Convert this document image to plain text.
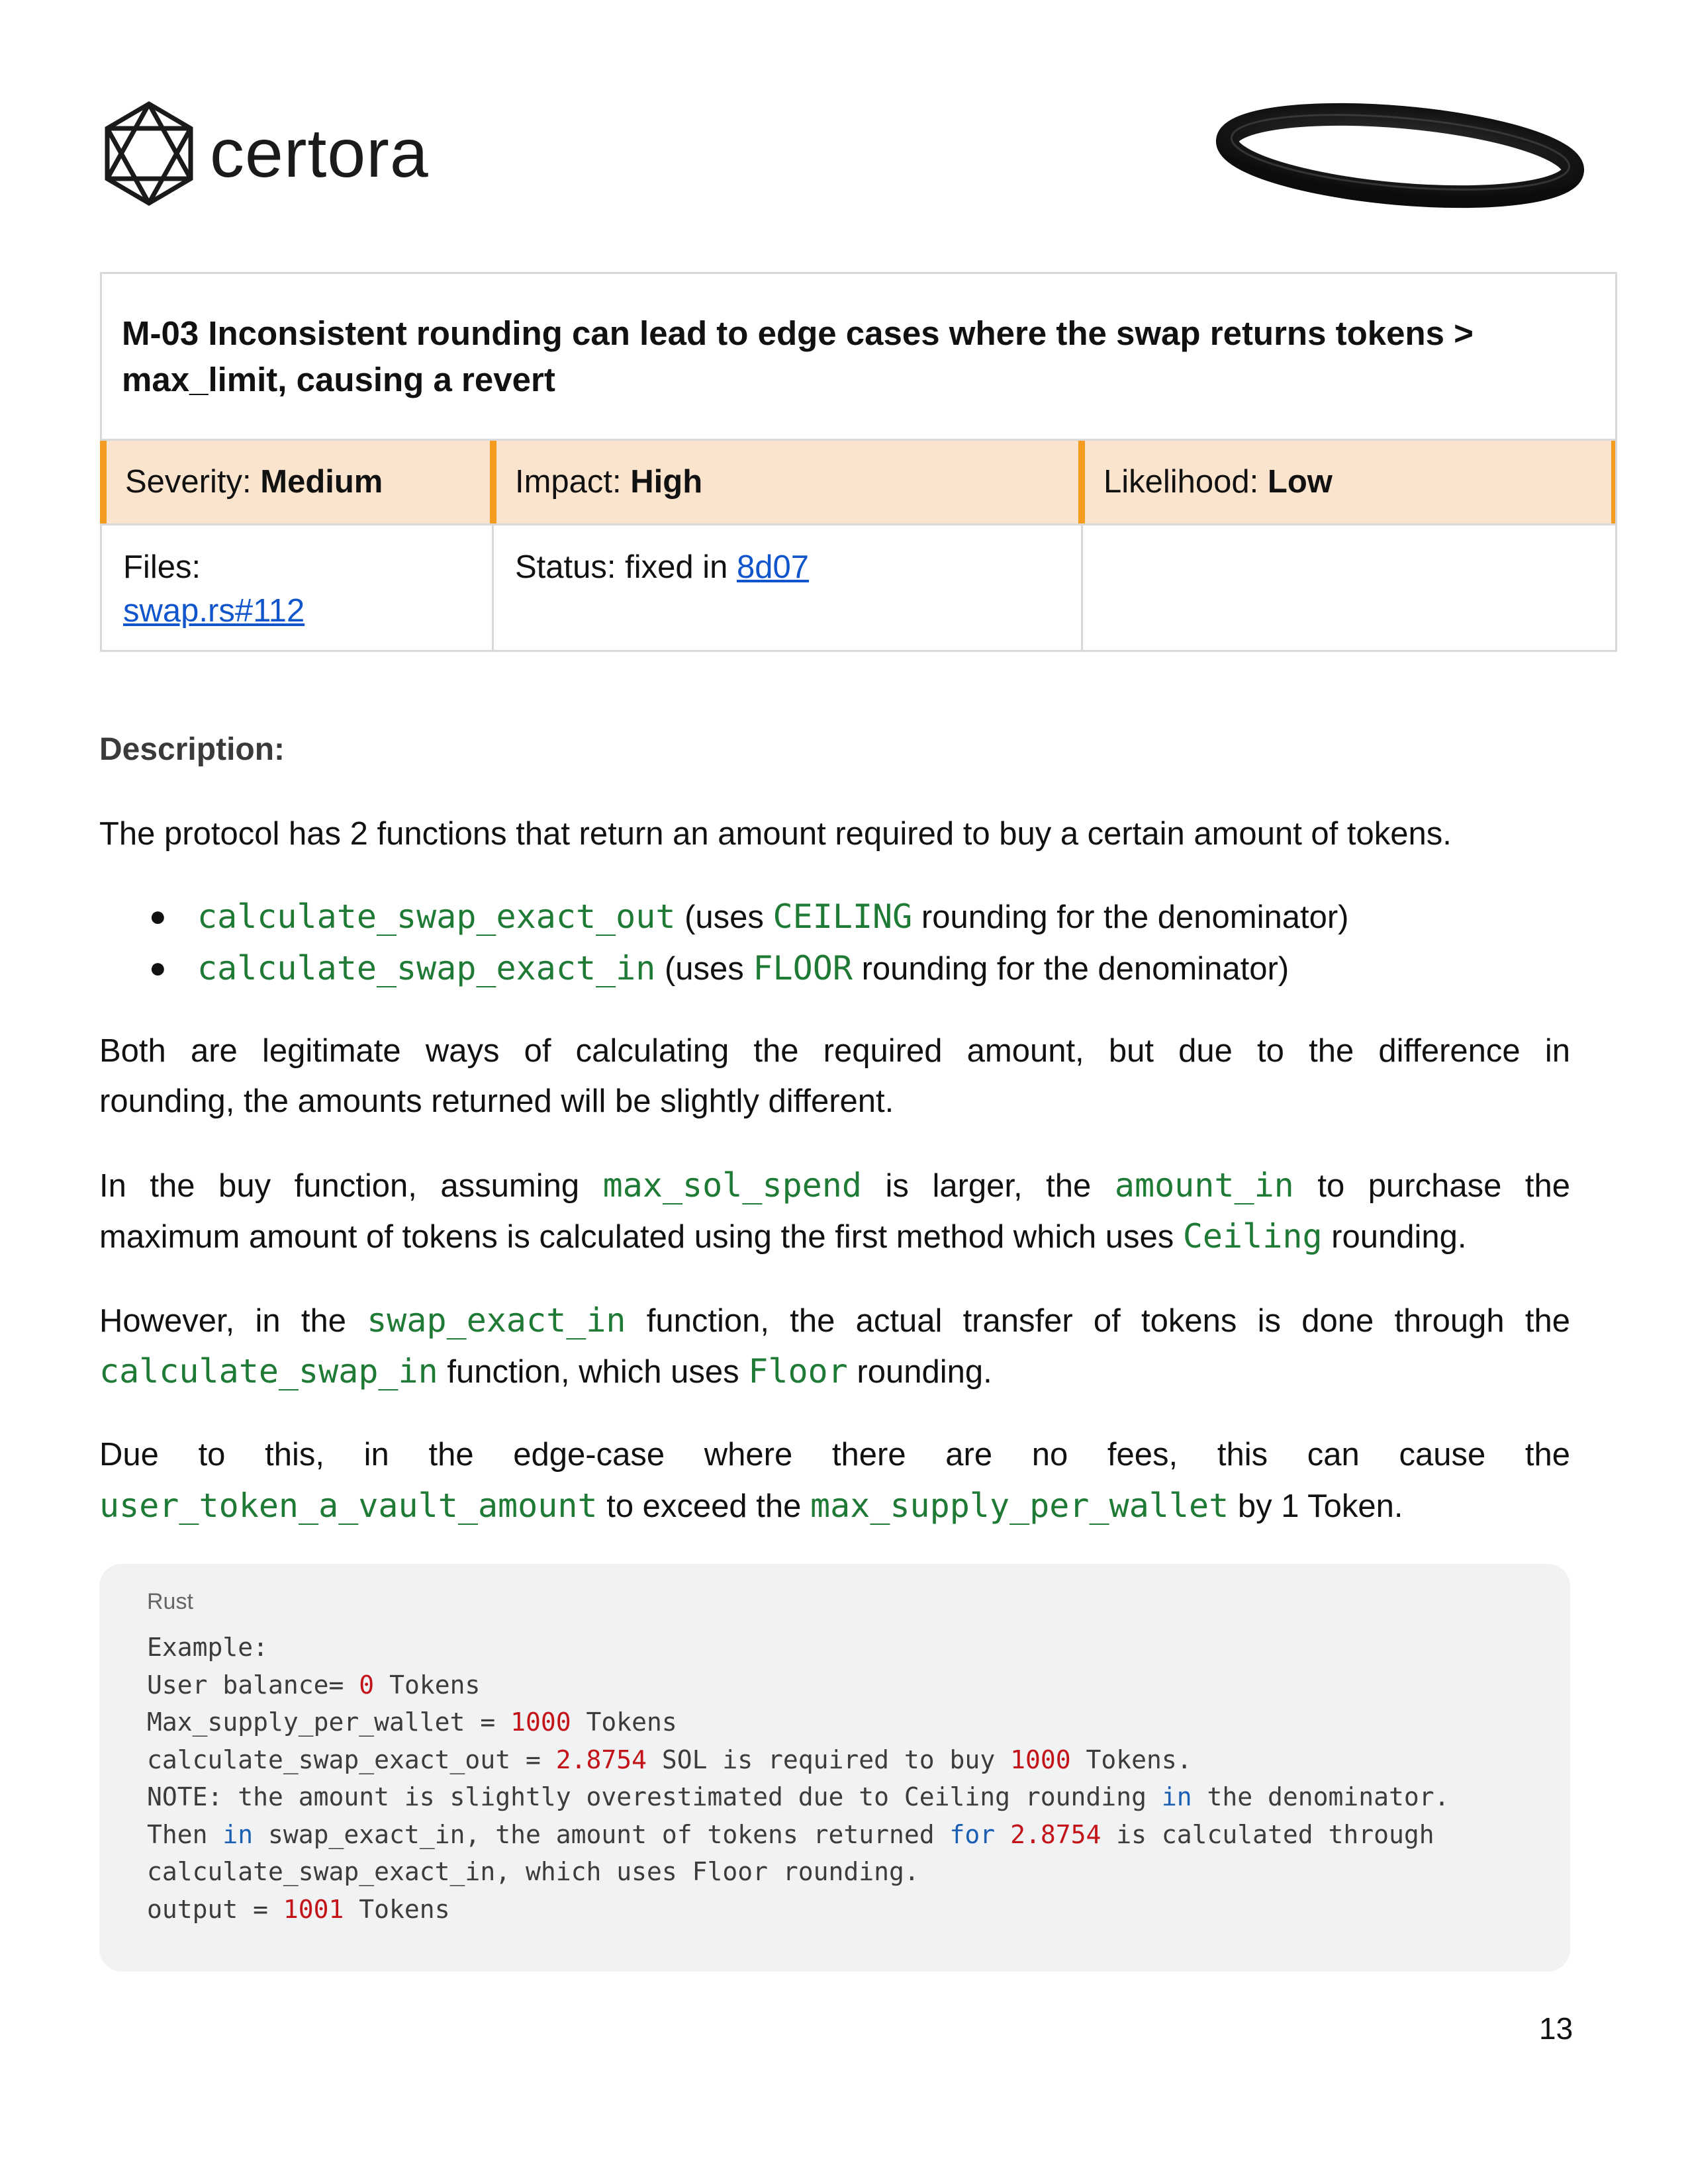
certora
M-03 Inconsistent rounding can lead to edge cases where the swap returns tokens > max_limit, causing a revert
Severity: Medium	Impact: High	Likelihood: Low
Files:
swap.rs#112
Status: fixed in 8d07
Description:
The protocol has 2 functions that return an amount required to buy a certain amount of tokens.
● calculate_swap_exact_out (uses CEILING rounding for the denominator)
● calculate_swap_exact_in (uses FLOOR rounding for the denominator)
Both are legitimate ways of calculating the required amount, but due to the difference in
rounding, the amounts returned will be slightly different.
In the buy function, assuming max_sol_spend is larger, the amount_in to purchase the
maximum amount of tokens is calculated using the first method which uses Ceiling rounding.
However, in the swap_exact_in function, the actual transfer of tokens is done through the
calculate_swap_in function, which uses Floor rounding.
Due to this, in the edge-case where there are no fees, this can cause the
user_token_a_vault_amount to exceed the max_supply_per_wallet by 1 Token.
Rust
Example:
User balance= 0 Tokens
Max_supply_per_wallet = 1000 Tokens
calculate_swap_exact_out = 2.8754 SOL is required to buy 1000 Tokens.
NOTE: the amount is slightly overestimated due to Ceiling rounding in the denominator.
Then in swap_exact_in, the amount of tokens returned for 2.8754 is calculated through
calculate_swap_exact_in, which uses Floor rounding.
output = 1001 Tokens
13
